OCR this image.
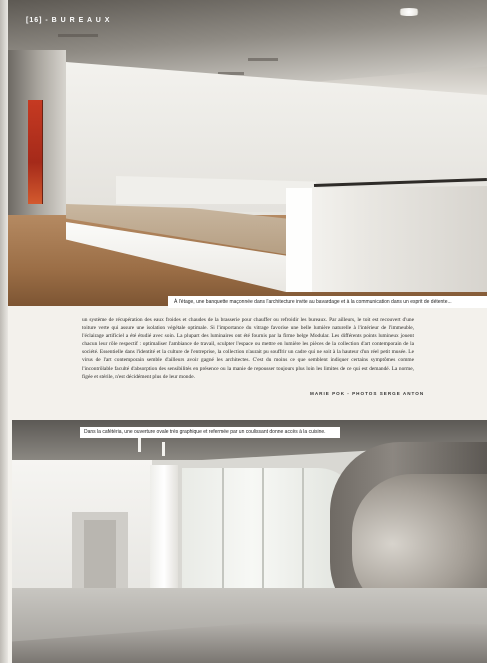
[16] - B U R E A U X
À l'étage, une banquette maçonnée dans l'architecture invite au bavardage et à la communication dans un esprit de détente...
un système de récupération des eaux froides et chaudes de la brasserie pour chauffer ou refroidir les bureaux. Par ailleurs, le toit est recouvert d'une toiture verte qui assure une isolation végétale optimale. Si l'importance du vitrage favorise une belle lumière naturelle à l'intérieur de l'immeuble, l'éclairage artificiel a été étudié avec soin. La plupart des luminaires ont été fournis par la firme belge Modular. Les différents points lumineux jouent chacun leur rôle respectif : optimaliser l'ambiance de travail, sculpter l'espace ou mettre en lumière les pièces de la collection d'art contemporain de la société. Essentielle dans l'identité et la culture de l'entreprise, la collection n'aurait pu souffrir un cadre qui ne soit à la hauteur d'un réel petit musée. Le virus de l'art contemporain semble d'ailleurs avoir gagné les architectes. C'est du moins ce que semblent indiquer certains symptômes comme l'incontrôlable faculté d'absorption des sensibilités en présence ou la manie de repousser toujours plus loin les limites de ce qui est demandé. La norme, figée et stérile, n'est décidément plus de leur monde.
MARIE POK - PHOTOS SERGE ANTON
Dans la cafétéria, une ouverture ovale très graphique et refermée par un coulissant donne accès à la cuisine.
